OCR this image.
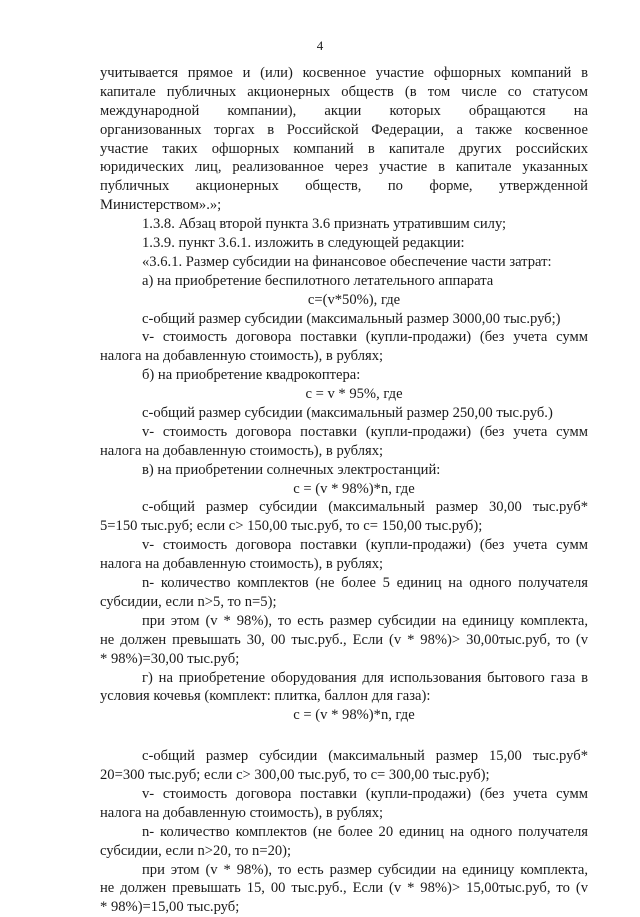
4
учитывается прямое и (или) косвенное участие офшорных компаний в
капитале публичных акционерных обществ (в том числе со статусом
международной компании), акции которых обращаются на
организованных торгах в Российской Федерации, а также косвенное
участие таких офшорных компаний в капитале других российских
юридических лиц, реализованное через участие в капитале указанных
публичных акционерных обществ, по форме, утвержденной
Министерством».»;
1.3.8. Абзац второй пункта 3.6 признать утратившим силу;
1.3.9. пункт 3.6.1. изложить в следующей редакции:
«3.6.1. Размер субсидии на финансовое обеспечение части затрат:
а) на приобретение беспилотного летательного аппарата
с=(v*50%), где
с-общий размер субсидии (максимальный размер 3000,00 тыс.руб;)
v- стоимость договора поставки (купли-продажи) (без учета сумм
налога на добавленную стоимость), в рублях;
б) на приобретение квадрокоптера:
с = v * 95%, где
с-общий размер субсидии (максимальный размер 250,00 тыс.руб.)
v- стоимость договора поставки (купли-продажи) (без учета сумм
налога на добавленную стоимость), в рублях;
в) на приобретении солнечных электростанций:
с = (v * 98%)*n, где
с-общий размер субсидии (максимальный размер 30,00 тыс.руб*
5=150 тыс.руб; если с> 150,00 тыс.руб, то с= 150,00 тыс.руб);
v- стоимость договора поставки (купли-продажи) (без учета сумм
налога на добавленную стоимость), в рублях;
n- количество комплектов (не более 5 единиц на одного получателя
субсидии, если n>5, то n=5);
при этом (v * 98%), то есть размер субсидии на единицу комплекта,
не должен превышать 30, 00 тыс.руб., Если (v * 98%)> 30,00тыс.руб, то (v
* 98%)=30,00 тыс.руб;
г) на приобретение оборудования для использования бытового газа в
условия кочевья (комплект: плитка, баллон для газа):
с = (v * 98%)*n, где
с-общий размер субсидии (максимальный размер 15,00 тыс.руб*
20=300 тыс.руб; если с> 300,00 тыс.руб, то с= 300,00 тыс.руб);
v- стоимость договора поставки (купли-продажи) (без учета сумм
налога на добавленную стоимость), в рублях;
n- количество комплектов (не более 20 единиц на одного получателя
субсидии, если n>20, то n=20);
при этом (v * 98%), то есть размер субсидии на единицу комплекта,
не должен превышать 15, 00 тыс.руб., Если (v * 98%)> 15,00тыс.руб, то (v
* 98%)=15,00 тыс.руб;
